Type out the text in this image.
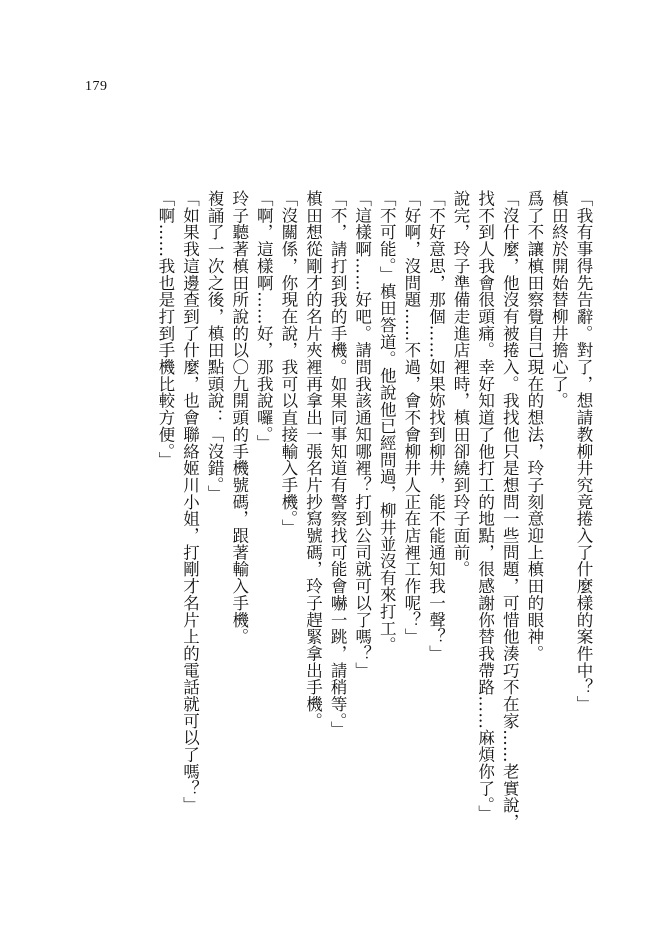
179

「我有事得先告辭。對了，想請教柳井究竟捲入了什麼樣的案件中？」

槙田終於開始替柳井擔心了。

爲了不讓槙田察覺自己現在的想法，玲子刻意迎上槙田的眼神。

「沒什麼，他沒有被捲入。我找他只是想問一些問題，可惜他湊巧不在家……老實說，

找不到人我會很頭痛。幸好知道了他打工的地點，很感謝你替我帶路……麻煩你了。」

說完，玲子準備走進店裡時，槙田卻繞到玲子面前。

「不好意思，那個……如果妳找到柳井，能不能通知我一聲？」

「好啊，沒問題……不過，會不會柳井人正在店裡工作呢？」

「不可能。」槙田答道。他說他已經問過，柳井並沒有來打工。

「這樣啊……好吧。請問我該通知哪裡？打到公司就可以了嗎？」

「不，請打到我的手機。如果同事知道有警察找可能會嚇一跳，請稍等。」

槙田想從剛才的名片夾裡再拿出一張名片抄寫號碼，玲子趕緊拿出手機。

「沒關係，你現在說，我可以直接輸入手機。」

「啊，這樣啊……好，那我說囉。」

玲子聽著槙田所說的以〇九開頭的手機號碼，跟著輸入手機。

複誦了一次之後，槙田點頭說：「沒錯。」

「如果我這邊查到了什麼，也會聯絡姬川小姐，打剛才名片上的電話就可以了嗎？」

「啊……我也是打到手機比較方便。」
